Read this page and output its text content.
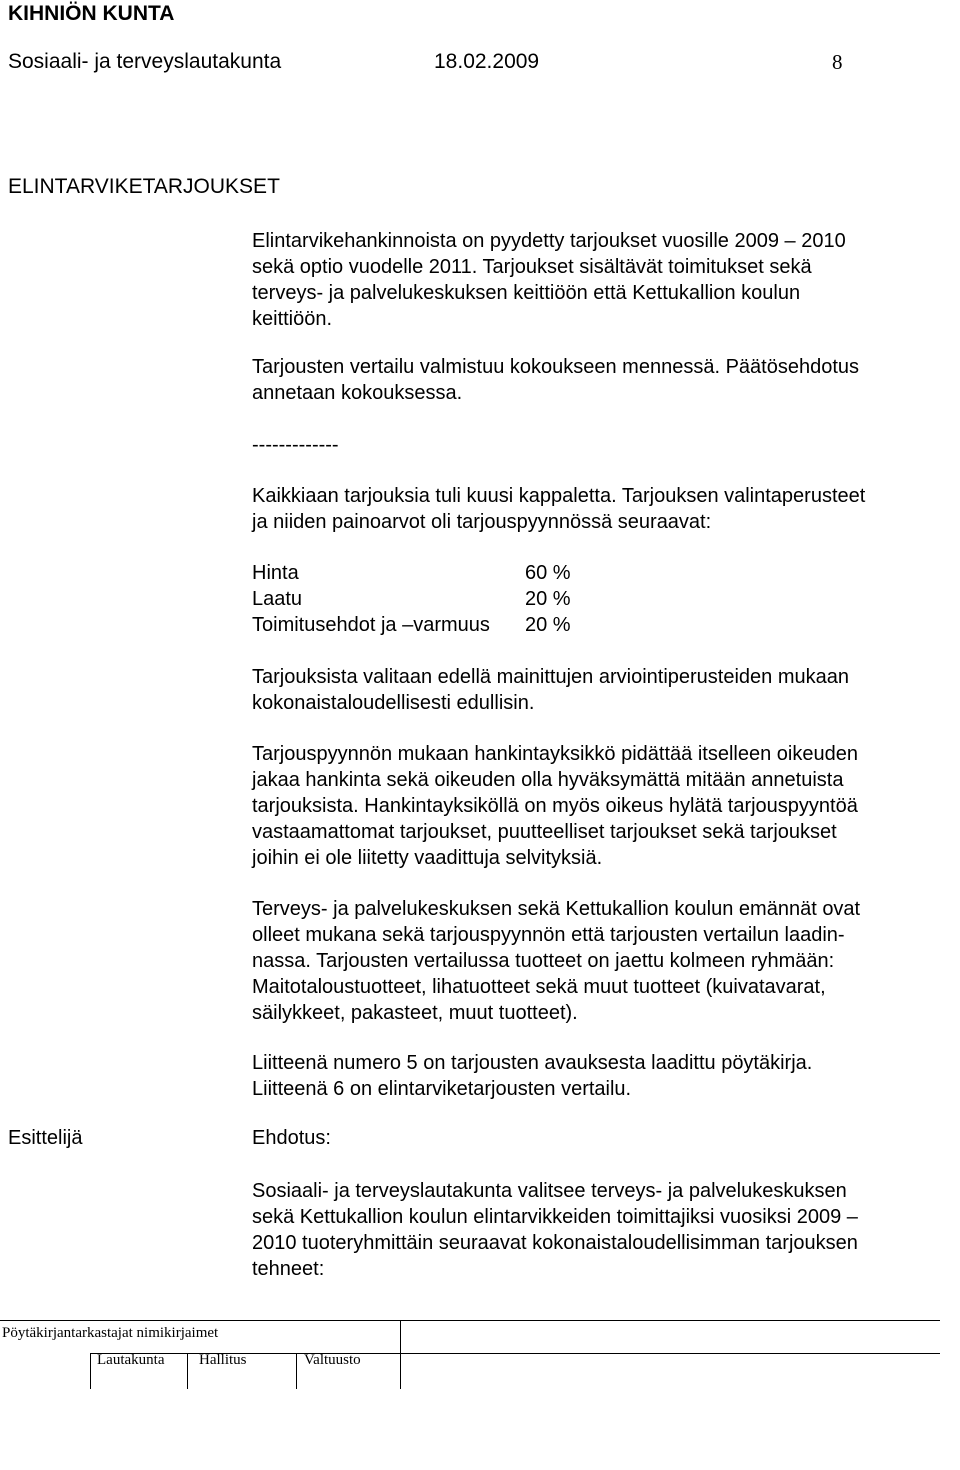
KIHNIÖN KUNTA
Sosiaali- ja terveyslautakunta	18.02.2009	8
ELINTARVIKETARJOUKSET
Elintarvikehankinnoista on pyydetty tarjoukset vuosille 2009 – 2010
sekä optio vuodelle 2011. Tarjoukset sisältävät toimitukset sekä
terveys- ja palvelukeskuksen keittiöön että Kettukallion koulun
keittiöön.
Tarjousten vertailu valmistuu kokoukseen mennessä. Päätösehdotus
annetaan kokouksessa.
-------------
Kaikkiaan tarjouksia tuli kuusi kappaletta. Tarjouksen valintaperusteet
ja niiden painoarvot oli tarjouspyynnössä seuraavat:
Hinta	60 %
Laatu	20 %
Toimitusehdot ja –varmuus 20 %
Tarjouksista valitaan edellä mainittujen arviointiperusteiden mukaan
kokonaistaloudellisesti edullisin.
Tarjouspyynnön mukaan hankintayksikkö pidättää itselleen oikeuden
jakaa hankinta sekä oikeuden olla hyväksymättä mitään annetuista
tarjouksista. Hankintayksiköllä on myös oikeus hylätä tarjouspyyntöä
vastaamattomat tarjoukset, puutteelliset tarjoukset sekä tarjoukset
joihin ei ole liitetty vaadittuja selvityksiä.
Terveys- ja palvelukeskuksen sekä Kettukallion koulun emännät ovat
olleet mukana sekä tarjouspyynnön että tarjousten vertailun laadin-
nassa. Tarjousten vertailussa tuotteet on jaettu kolmeen ryhmään:
Maitotaloustuotteet, lihatuotteet sekä muut tuotteet (kuivatavarat,
säilykkeet, pakasteet, muut tuotteet).
Liitteenä numero 5 on tarjousten avauksesta laadittu pöytäkirja.
Liitteenä 6 on elintarviketarjousten vertailu.
Esittelijä	Ehdotus:
Sosiaali- ja terveyslautakunta valitsee terveys- ja palvelukeskuksen
sekä Kettukallion koulun elintarvikkeiden toimittajiksi vuosiksi 2009 –
2010 tuoteryhmittäin seuraavat kokonaistaloudellisimman tarjouksen
tehneet:
Pöytäkirjantarkastajat nimikirjaimet
Lautakunta Hallitus	Valtuusto
